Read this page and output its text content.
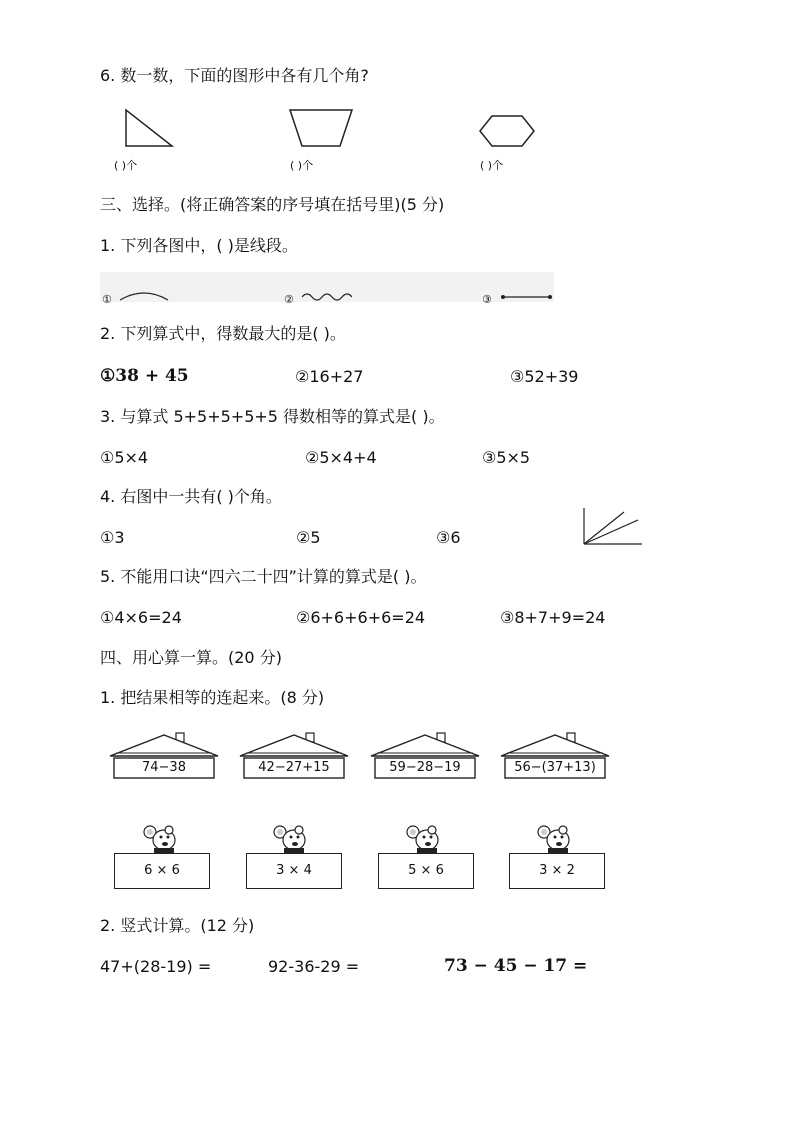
6. 数一数，下面的图形中各有几个角?
( )个	( )个	( )个
三、选择。(将正确答案的序号填在括号里)(5 分)
1. 下列各图中，( )是线段。
①	②	③
2. 下列算式中，得数最大的是( )。
①38 + 45	②16+27	③52+39
3. 与算式 5+5+5+5+5 得数相等的算式是( )。
①5×4	②5×4+4	③5×5
4. 右图中一共有( )个角。
①3	②5	③6
5. 不能用口诀“四六二十四”计算的算式是( )。
①4×6=24	②6+6+6+6=24	③8+7+9=24
四、用心算一算。(20 分)
1. 把结果相等的连起来。(8 分)
74−38	42−27+15	59−28−19	56−(37+13)
6 × 6	3 × 4	5 × 6	3 × 2
2. 竖式计算。(12 分)
47+(28-19) =	92-36-29 =	73 − 45 − 17 =
